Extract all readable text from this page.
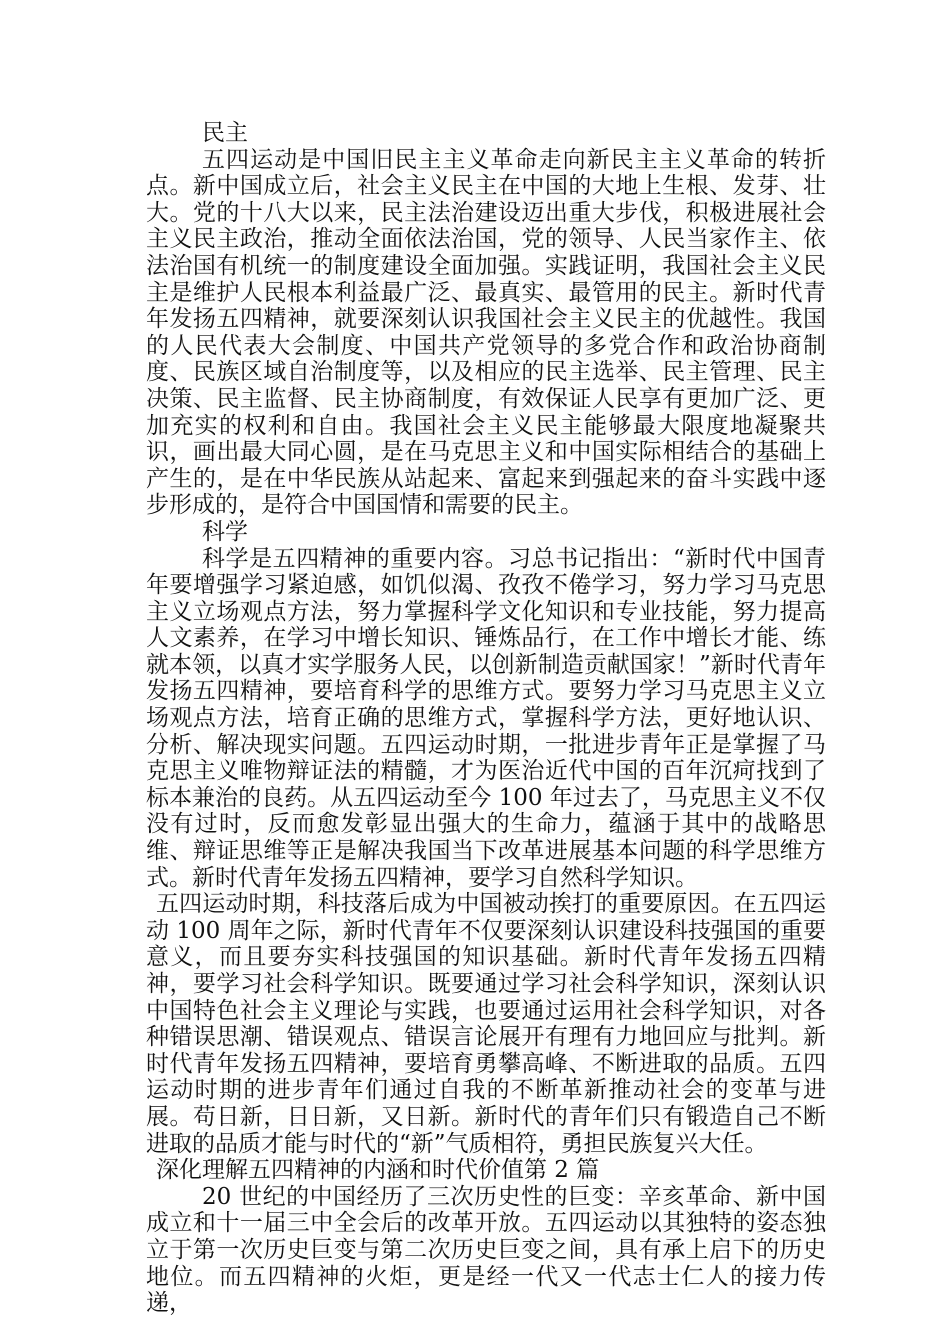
民主

五四运动是中国旧民主主义革命走向新民主主义革命的转折点。新中国成立后，社会主义民主在中国的大地上生根、发芽、壮大。党的十八大以来，民主法治建设迈出重大步伐，积极进展社会主义民主政治，推动全面依法治国，党的领导、人民当家作主、依法治国有机统一的制度建设全面加强。实践证明，我国社会主义民主是维护人民根本利益最广泛、最真实、最管用的民主。新时代青年发扬五四精神，就要深刻认识我国社会主义民主的优越性。我国的人民代表大会制度、中国共产党领导的多党合作和政治协商制度、民族区域自治制度等，以及相应的民主选举、民主管理、民主决策、民主监督、民主协商制度，有效保证人民享有更加广泛、更加充实的权利和自由。我国社会主义民主能够最大限度地凝聚共识，画出最大同心圆，是在马克思主义和中国实际相结合的基础上产生的，是在中华民族从站起来、富起来到强起来的奋斗实践中逐步形成的，是符合中国国情和需要的民主。

科学

科学是五四精神的重要内容。习总书记指出：“新时代中国青年要增强学习紧迫感，如饥似渴、孜孜不倦学习，努力学习马克思主义立场观点方法，努力掌握科学文化知识和专业技能，努力提高人文素养，在学习中增长知识、锤炼品行，在工作中增长才能、练就本领，以真才实学服务人民，以创新制造贡献国家！”新时代青年发扬五四精神，要培育科学的思维方式。要努力学习马克思主义立场观点方法，培育正确的思维方式，掌握科学方法，更好地认识、分析、解决现实问题。五四运动时期，一批进步青年正是掌握了马克思主义唯物辩证法的精髓，才为医治近代中国的百年沉疴找到了标本兼治的良药。从五四运动至今 100 年过去了，马克思主义不仅没有过时，反而愈发彰显出强大的生命力，蕴涵于其中的战略思维、辩证思维等正是解决我国当下改革进展基本问题的科学思维方式。新时代青年发扬五四精神，要学习自然科学知识。

五四运动时期，科技落后成为中国被动挨打的重要原因。在五四运动 100 周年之际，新时代青年不仅要深刻认识建设科技强国的重要意义，而且要夯实科技强国的知识基础。新时代青年发扬五四精神，要学习社会科学知识。既要通过学习社会科学知识，深刻认识中国特色社会主义理论与实践，也要通过运用社会科学知识，对各种错误思潮、错误观点、错误言论展开有理有力地回应与批判。新时代青年发扬五四精神，要培育勇攀高峰、不断进取的品质。五四运动时期的进步青年们通过自我的不断革新推动社会的变革与进展。苟日新，日日新，又日新。新时代的青年们只有锻造自己不断进取的品质才能与时代的“新”气质相符，勇担民族复兴大任。

深化理解五四精神的内涵和时代价值第 2 篇

20 世纪的中国经历了三次历史性的巨变：辛亥革命、新中国成立和十一届三中全会后的改革开放。五四运动以其独特的姿态独立于第一次历史巨变与第二次历史巨变之间，具有承上启下的历史地位。而五四精神的火炬，更是经一代又一代志士仁人的接力传递，
